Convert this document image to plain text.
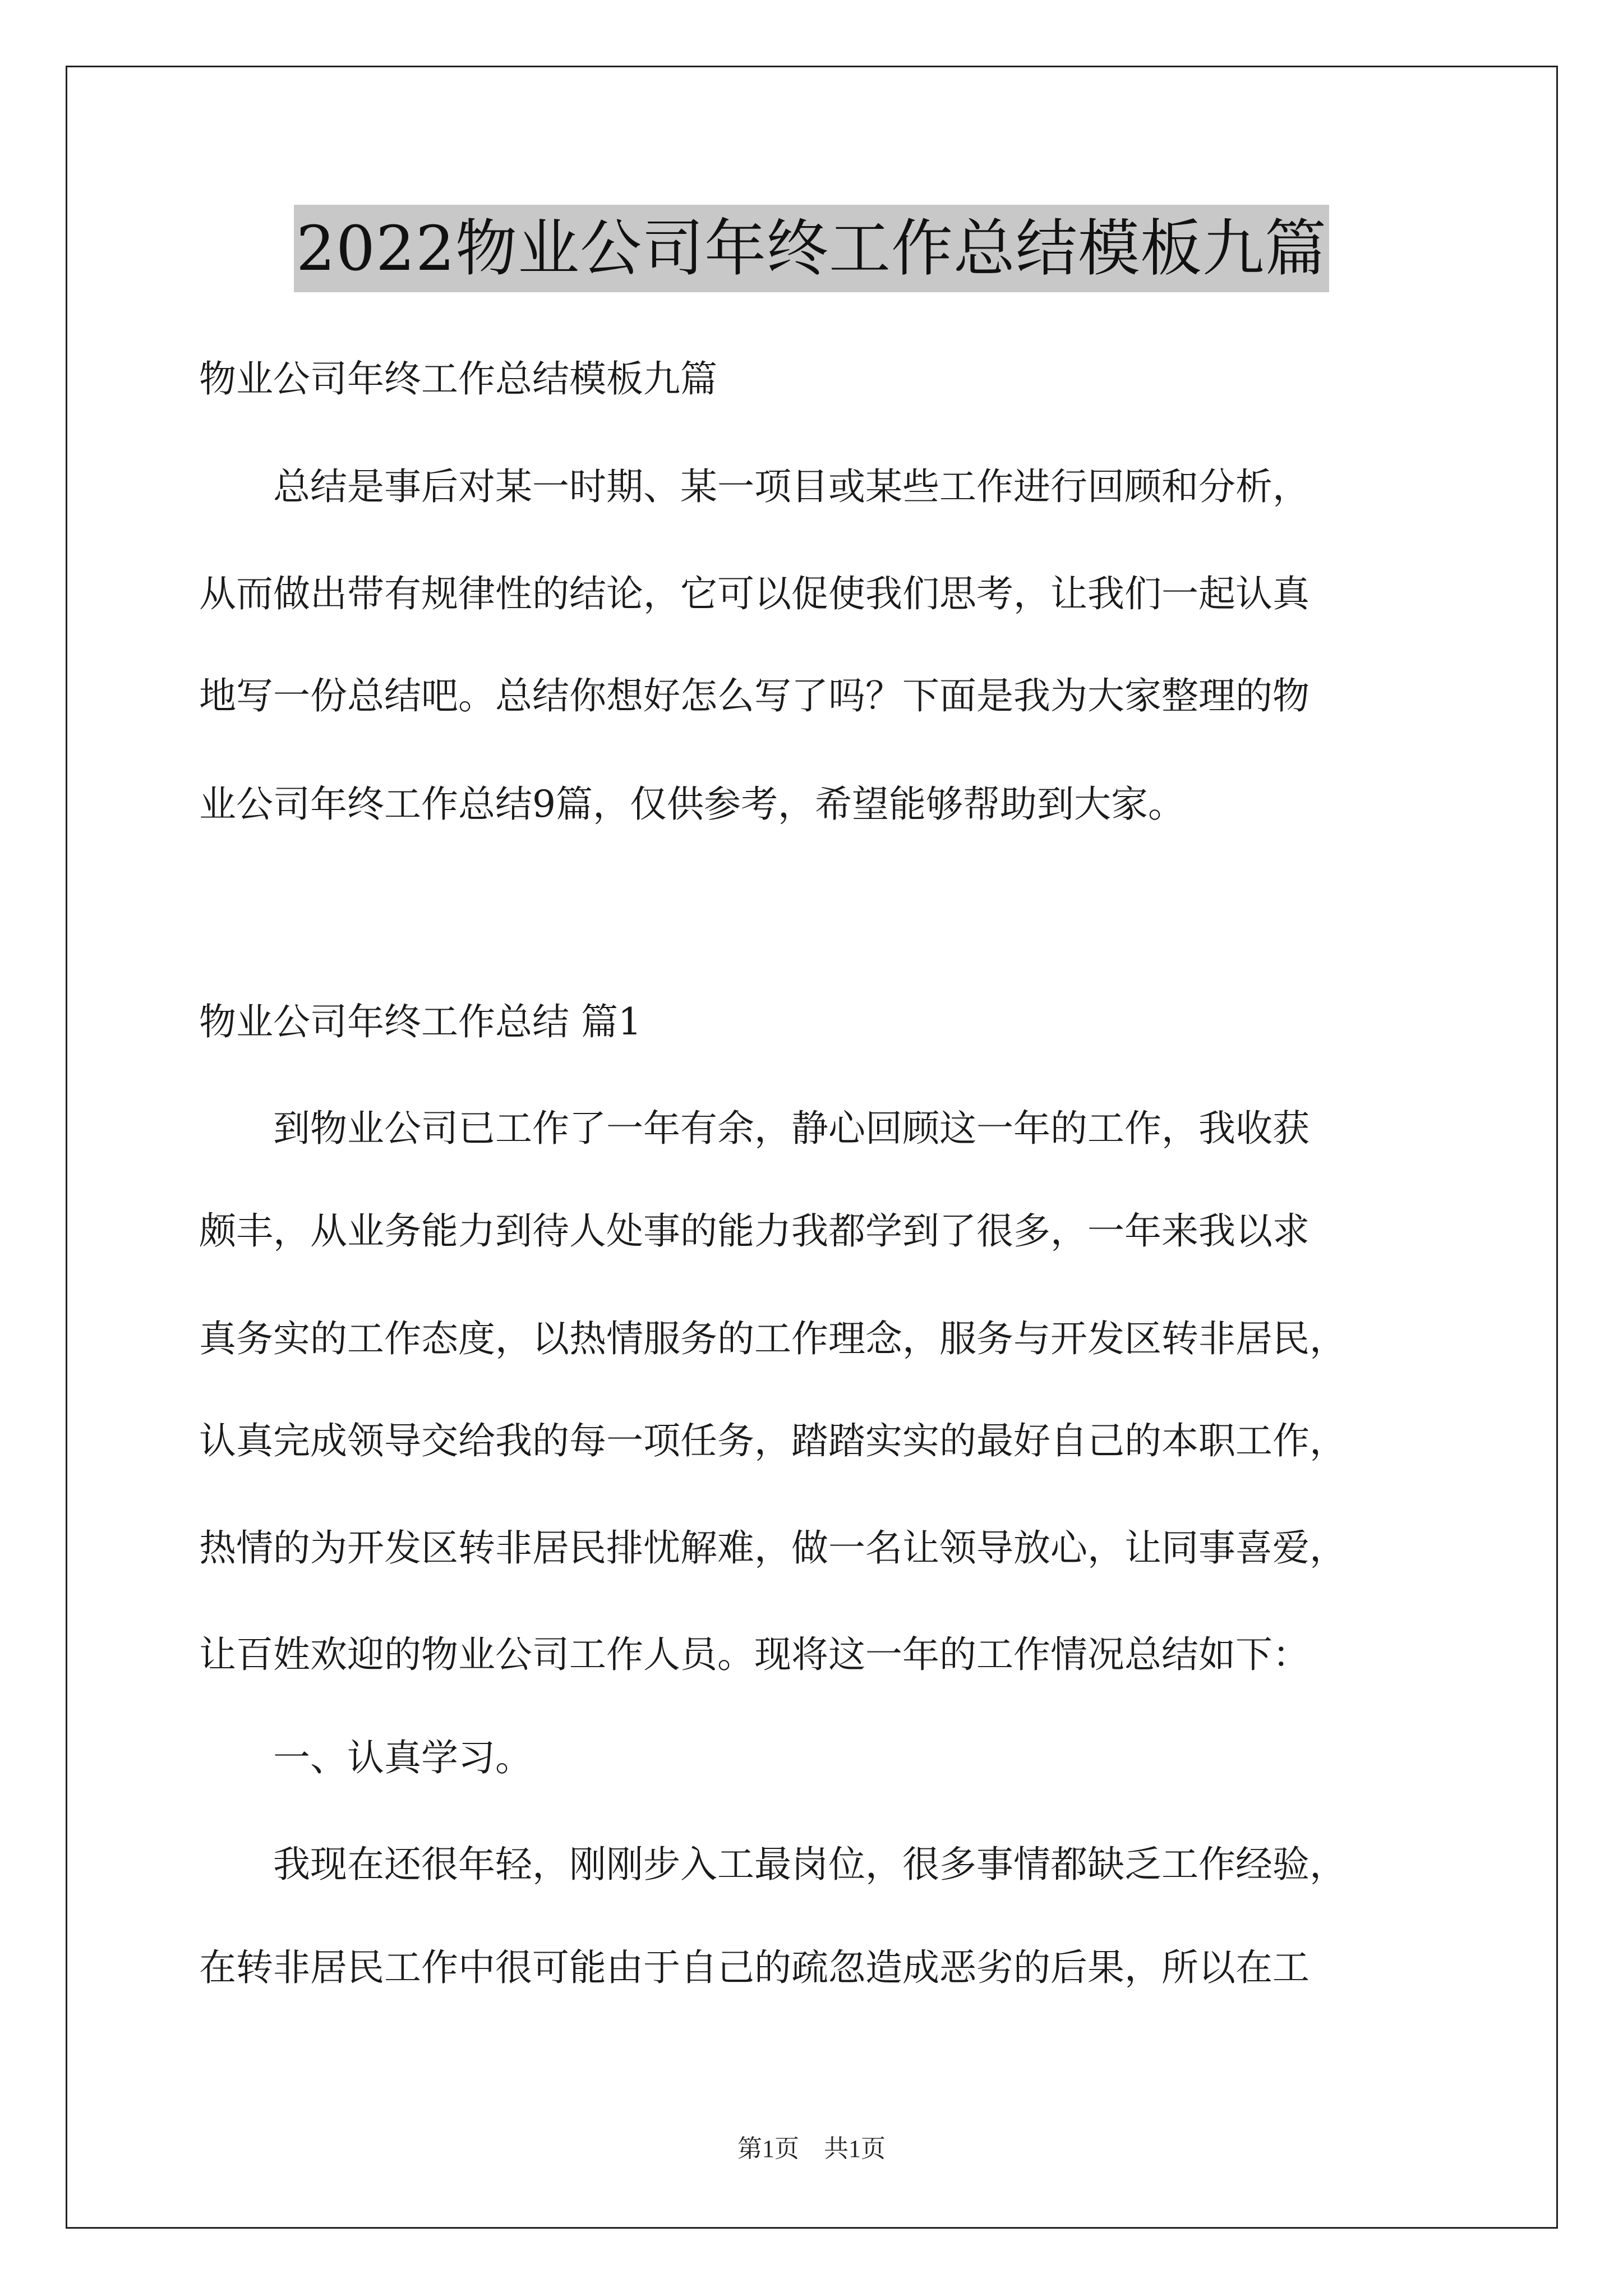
2022物业公司年终工作总结模板九篇
物业公司年终工作总结模板九篇
　　总结是事后对某一时期、某一项目或某些工作进行回顾和分析，
从而做出带有规律性的结论，它可以促使我们思考，让我们一起认真
地写一份总结吧。总结你想好怎么写了吗？下面是我为大家整理的物
业公司年终工作总结9篇，仅供参考，希望能够帮助到大家。
物业公司年终工作总结 篇1
　　到物业公司已工作了一年有余，静心回顾这一年的工作，我收获
颇丰，从业务能力到待人处事的能力我都学到了很多，一年来我以求
真务实的工作态度，以热情服务的工作理念，服务与开发区转非居民，
认真完成领导交给我的每一项任务，踏踏实实的最好自己的本职工作，
热情的为开发区转非居民排忧解难，做一名让领导放心，让同事喜爱，
让百姓欢迎的物业公司工作人员。现将这一年的工作情况总结如下：
　　一、认真学习。
　　我现在还很年轻，刚刚步入工最岗位，很多事情都缺乏工作经验，
在转非居民工作中很可能由于自己的疏忽造成恶劣的后果，所以在工
第1页　共1页
